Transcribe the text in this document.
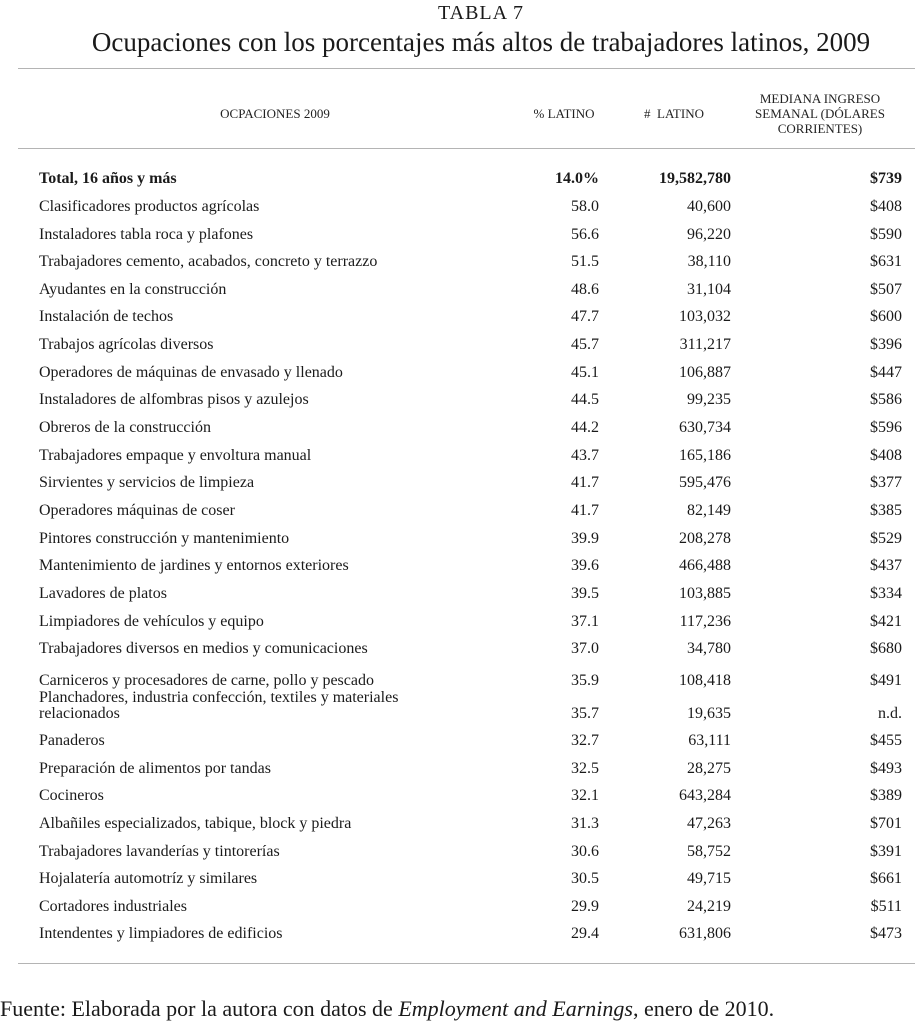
TABLA 7
Ocupaciones con los porcentajes más altos de trabajadores latinos, 2009
OCPACIONES 2009	% LATINO	#  LATINO
MEDIANA INGRESO
SEMANAL (DÓLARES
CORRIENTES)
Total, 16 años y más	14.0%	19,582,780	$739
Clasificadores productos agrícolas	58.0	40,600	$408
Instaladores tabla roca y plafones	56.6	96,220	$590
Trabajadores cemento, acabados, concreto y terrazzo	51.5	38,110	$631
Ayudantes en la construcción	48.6	31,104	$507
Instalación de techos	47.7	103,032	$600
Trabajos agrícolas diversos	45.7	311,217	$396
Operadores de máquinas de envasado y llenado	45.1	106,887	$447
Instaladores de alfombras pisos y azulejos	44.5	99,235	$586
Obreros de la construcción	44.2	630,734	$596
Trabajadores empaque y envoltura manual	43.7	165,186	$408
Sirvientes y servicios de limpieza	41.7	595,476	$377
Operadores máquinas de coser	41.7	82,149	$385
Pintores construcción y mantenimiento	39.9	208,278	$529
Mantenimiento de jardines y entornos exteriores	39.6	466,488	$437
Lavadores de platos	39.5	103,885	$334
Limpiadores de vehículos y equipo	37.1	117,236	$421
Trabajadores diversos en medios y comunicaciones	37.0	34,780	$680
Carniceros y procesadores de carne, pollo y pescado	35.9	108,418	$491
Planchadores, industria confección, textiles y materiales relacionados	35.7	19,635	n.d.
Panaderos	32.7	63,111	$455
Preparación de alimentos por tandas	32.5	28,275	$493
Cocineros	32.1	643,284	$389
Albañiles especializados, tabique, block y piedra	31.3	47,263	$701
Trabajadores lavanderías y tintorerías	30.6	58,752	$391
Hojalatería automotríz y similares	30.5	49,715	$661
Cortadores industriales	29.9	24,219	$511
Intendentes y limpiadores de edificios	29.4	631,806	$473
Fuente: Elaborada por la autora con datos de Employment and Earnings, enero de 2010.
